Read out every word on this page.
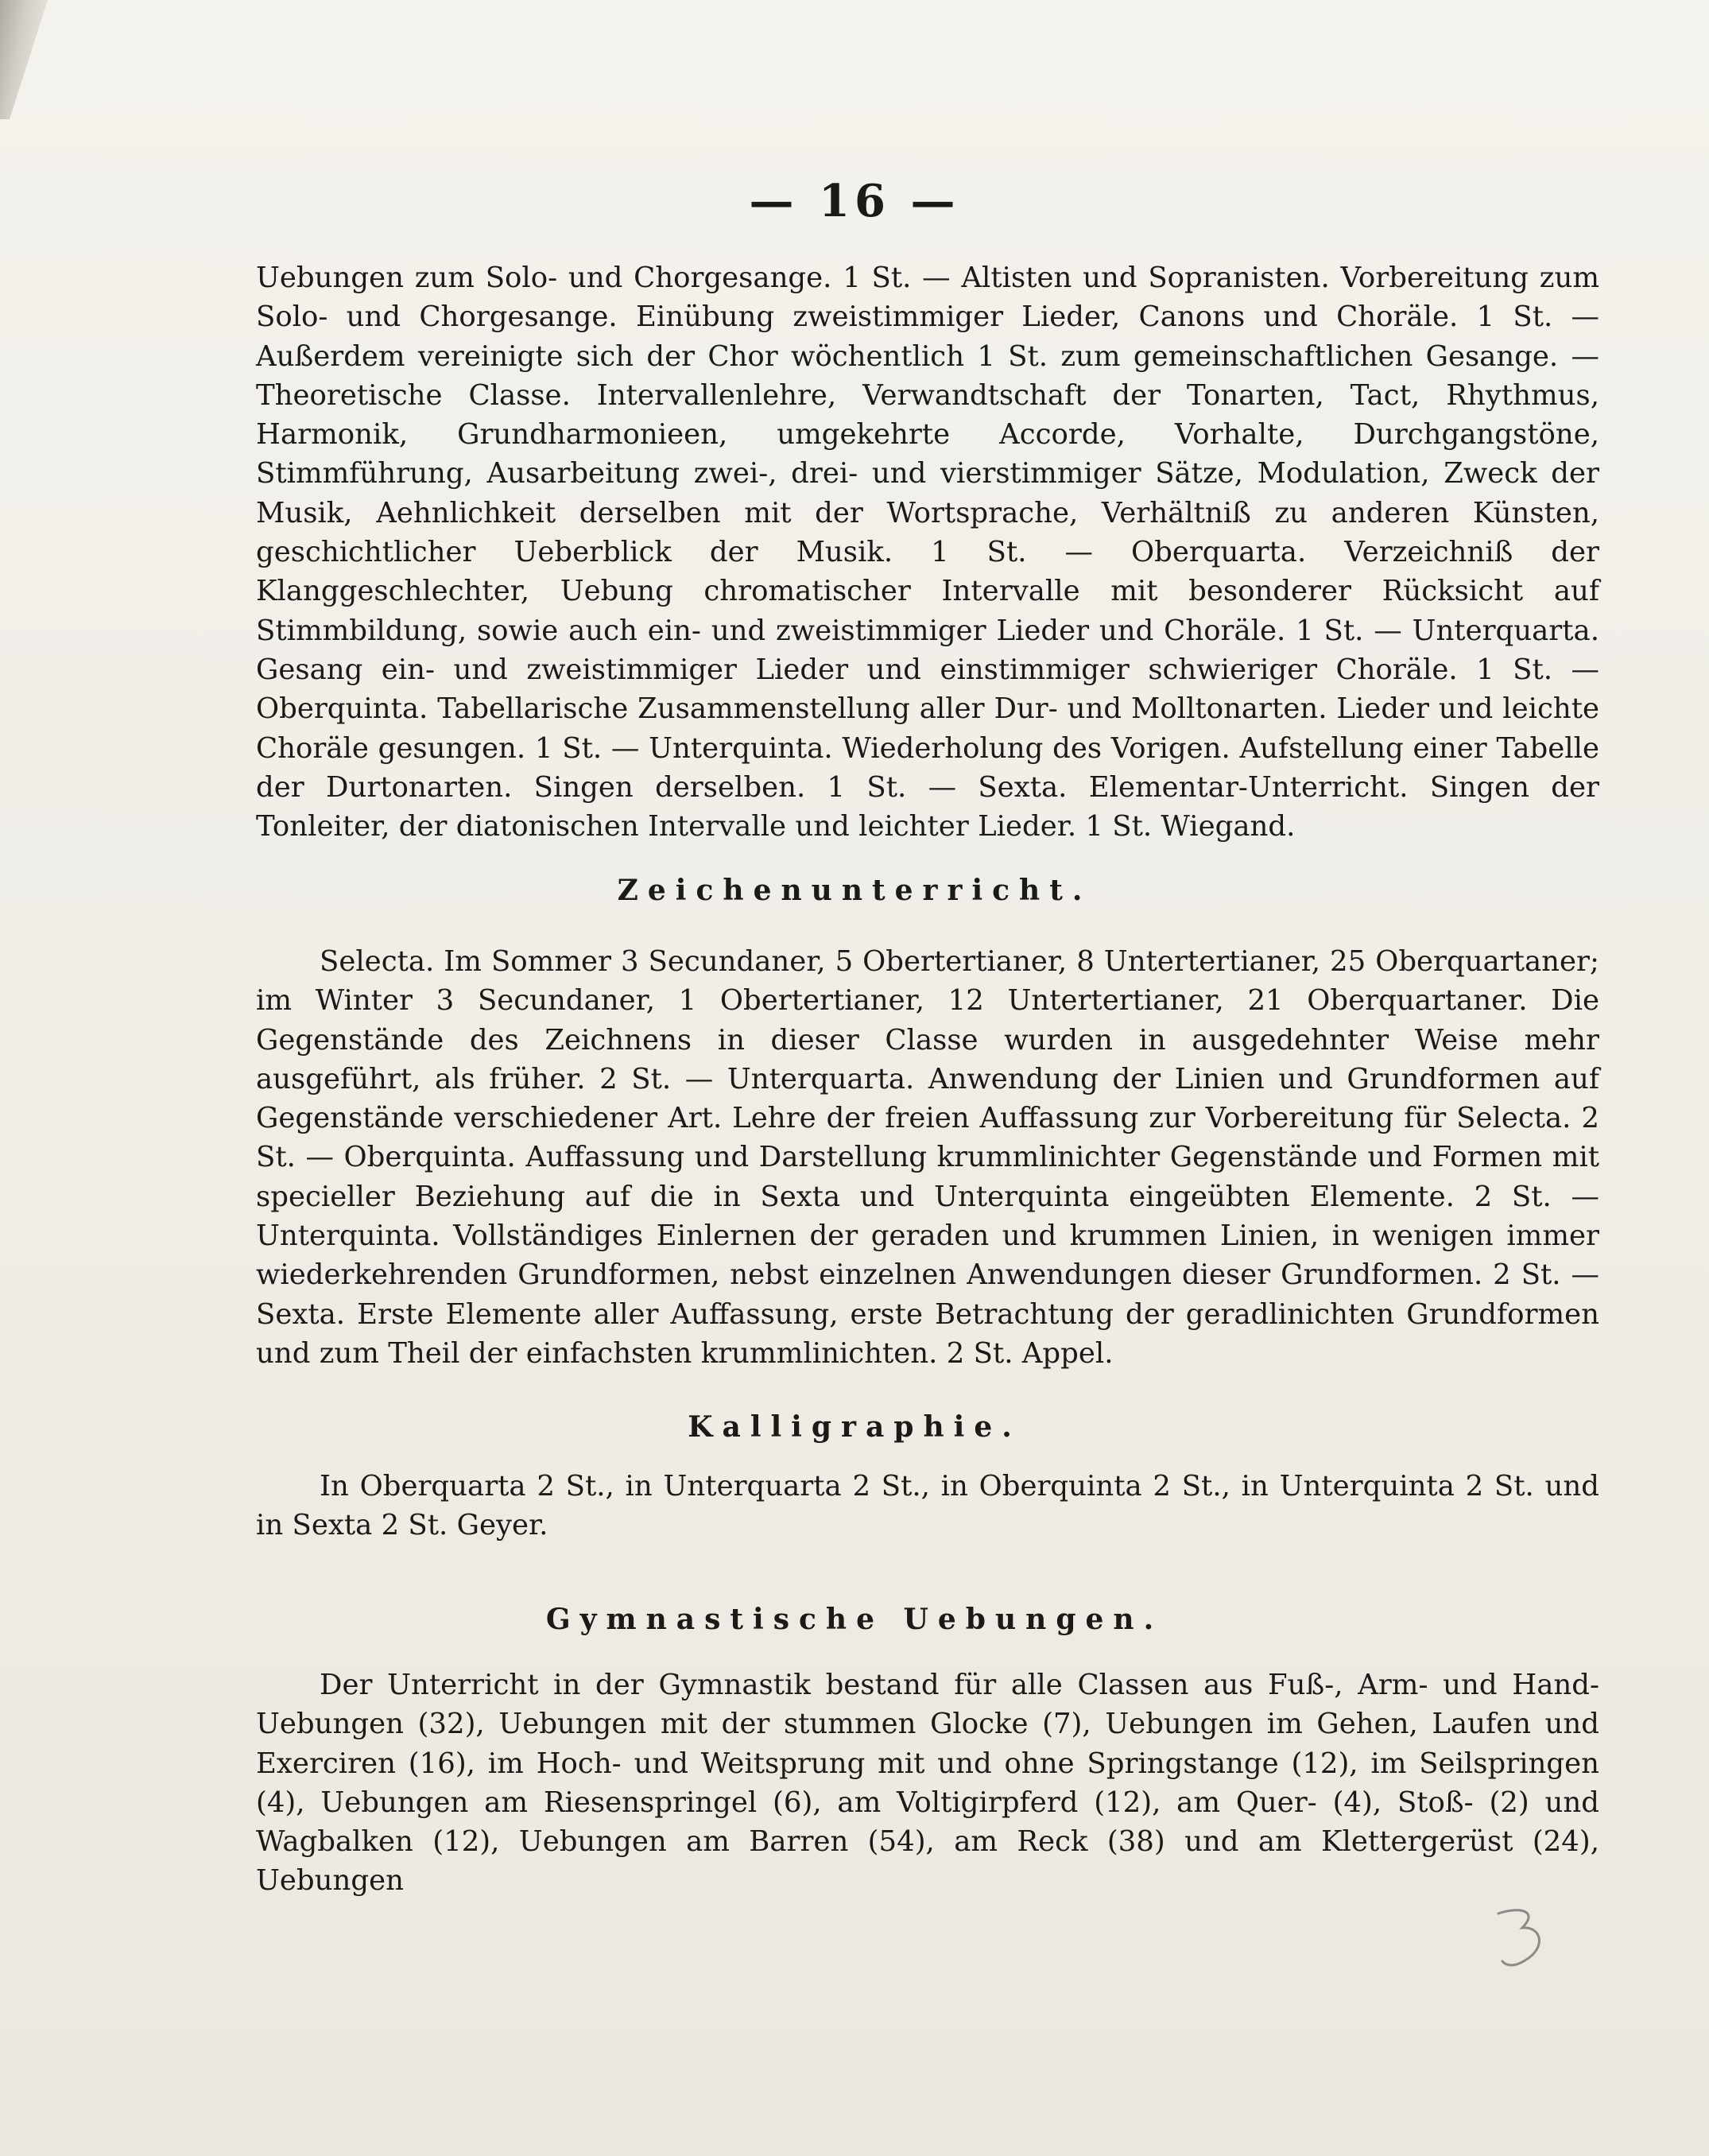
— 16 —

Uebungen zum Solo- und Chorgesange. 1 St. — Altisten und Sopranisten. Vorbereitung zum Solo- und Chorgesange. Einübung zweistimmiger Lieder, Canons und Choräle. 1 St. — Außerdem vereinigte sich der Chor wöchentlich 1 St. zum gemeinschaftlichen Gesange. — Theoretische Classe. Intervallenlehre, Verwandtschaft der Tonarten, Tact, Rhythmus, Harmonik, Grundharmonieen, umgekehrte Accorde, Vorhalte, Durchgangstöne, Stimmführung, Ausarbeitung zwei-, drei- und vierstimmiger Sätze, Modulation, Zweck der Musik, Aehnlichkeit derselben mit der Wortsprache, Verhältniß zu anderen Künsten, geschichtlicher Ueberblick der Musik. 1 St. — Oberquarta. Verzeichniß der Klanggeschlechter, Uebung chromatischer Intervalle mit besonderer Rücksicht auf Stimmbildung, sowie auch ein- und zweistimmiger Lieder und Choräle. 1 St. — Unterquarta. Gesang ein- und zweistimmiger Lieder und einstimmiger schwieriger Choräle. 1 St. — Oberquinta. Tabellarische Zusammenstellung aller Dur- und Molltonarten. Lieder und leichte Choräle gesungen. 1 St. — Unterquinta. Wiederholung des Vorigen. Aufstellung einer Tabelle der Durtonarten. Singen derselben. 1 St. — Sexta. Elementar-Unterricht. Singen der Tonleiter, der diatonischen Intervalle und leichter Lieder. 1 St. Wiegand.

Zeichenunterricht.

Selecta. Im Sommer 3 Secundaner, 5 Obertertianer, 8 Untertertianer, 25 Oberquartaner; im Winter 3 Secundaner, 1 Obertertianer, 12 Untertertianer, 21 Oberquartaner. Die Gegenstände des Zeichnens in dieser Classe wurden in ausgedehnter Weise mehr ausgeführt, als früher. 2 St. — Unterquarta. Anwendung der Linien und Grundformen auf Gegenstände verschiedener Art. Lehre der freien Auffassung zur Vorbereitung für Selecta. 2 St. — Oberquinta. Auffassung und Darstellung krummlinichter Gegenstände und Formen mit specieller Beziehung auf die in Sexta und Unterquinta eingeübten Elemente. 2 St. — Unterquinta. Vollständiges Einlernen der geraden und krummen Linien, in wenigen immer wiederkehrenden Grundformen, nebst einzelnen Anwendungen dieser Grundformen. 2 St. — Sexta. Erste Elemente aller Auffassung, erste Betrachtung der geradlinichten Grundformen und zum Theil der einfachsten krummlinichten. 2 St. Appel.

Kalligraphie.

In Oberquarta 2 St., in Unterquarta 2 St., in Oberquinta 2 St., in Unterquinta 2 St. und in Sexta 2 St. Geyer.

Gymnastische Uebungen.

Der Unterricht in der Gymnastik bestand für alle Classen aus Fuß-, Arm- und Hand-Uebungen (32), Uebungen mit der stummen Glocke (7), Uebungen im Gehen, Laufen und Exerciren (16), im Hoch- und Weitsprung mit und ohne Springstange (12), im Seilspringen (4), Uebungen am Riesenspringel (6), am Voltigirpferd (12), am Quer- (4), Stoß- (2) und Wagbalken (12), Uebungen am Barren (54), am Reck (38) und am Klettergerüst (24), Uebungen
